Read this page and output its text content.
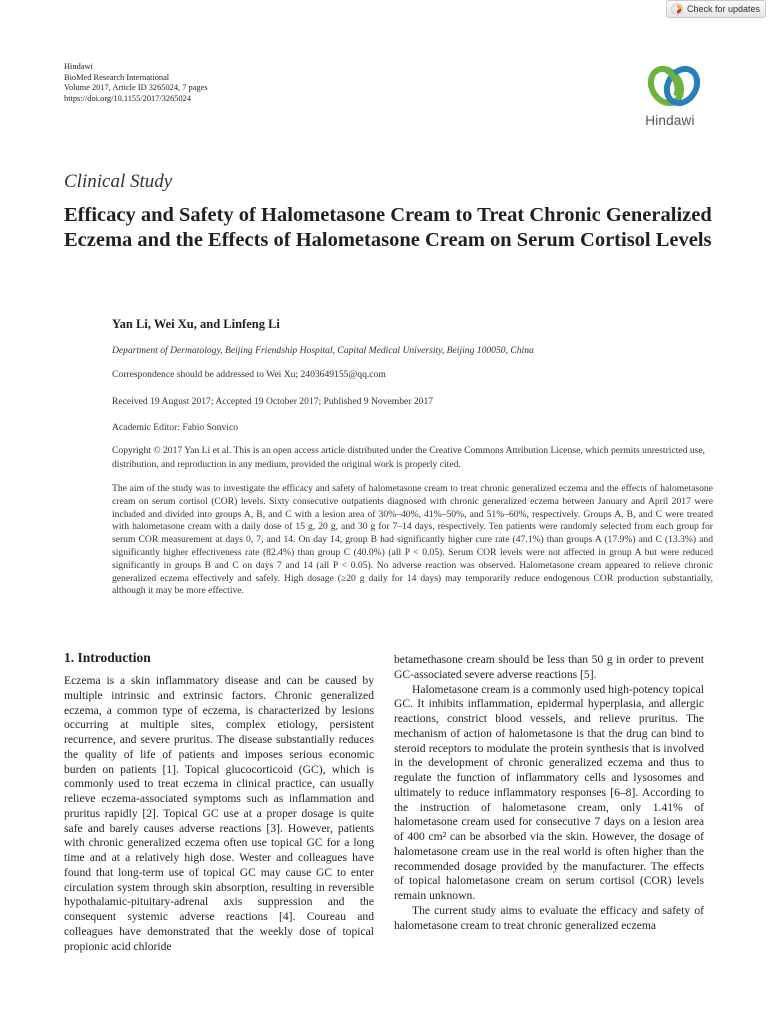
Check for updates
Hindawi
BioMed Research International
Volume 2017, Article ID 3265024, 7 pages
https://doi.org/10.1155/2017/3265024
Hindawi
Clinical Study
Efficacy and Safety of Halometasone Cream to Treat Chronic Generalized Eczema and the Effects of Halometasone Cream on Serum Cortisol Levels
Yan Li, Wei Xu, and Linfeng Li
Department of Dermatology, Beijing Friendship Hospital, Capital Medical University, Beijing 100050, China
Correspondence should be addressed to Wei Xu; 2403649155@qq.com
Received 19 August 2017; Accepted 19 October 2017; Published 9 November 2017
Academic Editor: Fabio Sonvico
Copyright © 2017 Yan Li et al. This is an open access article distributed under the Creative Commons Attribution License, which permits unrestricted use, distribution, and reproduction in any medium, provided the original work is properly cited.
The aim of the study was to investigate the efficacy and safety of halometasone cream to treat chronic generalized eczema and the effects of halometasone cream on serum cortisol (COR) levels. Sixty consecutive outpatients diagnosed with chronic generalized eczema between January and April 2017 were included and divided into groups A, B, and C with a lesion area of 30%–40%, 41%–50%, and 51%–60%, respectively. Groups A, B, and C were treated with halometasone cream with a daily dose of 15 g, 20 g, and 30 g for 7–14 days, respectively. Ten patients were randomly selected from each group for serum COR measurement at days 0, 7, and 14. On day 14, group B had significantly higher cure rate (47.1%) than groups A (17.9%) and C (13.3%) and significantly higher effectiveness rate (82.4%) than group C (40.0%) (all P < 0.05). Serum COR levels were not affected in group A but were reduced significantly in groups B and C on days 7 and 14 (all P < 0.05). No adverse reaction was observed. Halometasone cream appeared to relieve chronic generalized eczema effectively and safely. High dosage (≥20 g daily for 14 days) may temporarily reduce endogenous COR production substantially, although it may be more effective.
1. Introduction

Eczema is a skin inflammatory disease and can be caused by multiple intrinsic and extrinsic factors. Chronic generalized eczema, a common type of eczema, is characterized by lesions occurring at multiple sites, complex etiology, persistent recurrence, and severe pruritus. The disease substantially reduces the quality of life of patients and imposes serious economic burden on patients [1]. Topical glucocorticoid (GC), which is commonly used to treat eczema in clinical practice, can usually relieve eczema-associated symptoms such as inflammation and pruritus rapidly [2]. Topical GC use at a proper dosage is quite safe and barely causes adverse reactions [3]. However, patients with chronic generalized eczema often use topical GC for a long time and at a relatively high dose. Wester and colleagues have found that long-term use of topical GC may cause GC to enter circulation system through skin absorption, resulting in reversible hypothalamic-pituitary-adrenal axis suppression and the consequent systemic adverse reactions [4]. Coureau and colleagues have demonstrated that the weekly dose of topical propionic acid chloride

betamethasone cream should be less than 50 g in order to prevent GC-associated severe adverse reactions [5].

Halometasone cream is a commonly used high-potency topical GC. It inhibits inflammation, epidermal hyperplasia, and allergic reactions, constrict blood vessels, and relieve pruritus. The mechanism of action of halometasone is that the drug can bind to steroid receptors to modulate the protein synthesis that is involved in the development of chronic generalized eczema and thus to regulate the function of inflammatory cells and lysosomes and ultimately to reduce inflammatory responses [6–8]. According to the instruction of halometasone cream, only 1.41% of halometasone cream used for consecutive 7 days on a lesion area of 400 cm² can be absorbed via the skin. However, the dosage of halometasone cream use in the real world is often higher than the recommended dosage provided by the manufacturer. The effects of topical halometasone cream on serum cortisol (COR) levels remain unknown.

The current study aims to evaluate the efficacy and safety of halometasone cream to treat chronic generalized eczema
